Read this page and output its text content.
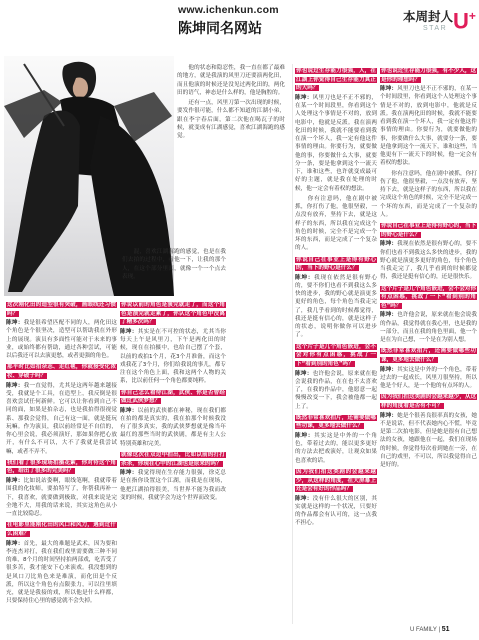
www.ichenkun.com
陈坤同名网站
本周封人
STAR U+

这次刚化田的造型很有突破，画眼线还习惯吗？

陈坤：我是很希望匹配不同的人，两化田这个角色是个很坚决，造型可以帮助我在外形上的展现。演员有多面性可能对于未来的事业，或始终都有帮助，通过各种尝试，可能以后我还可以去演更愁，或者更强的角色。

那平时比如拍杂志、走红毯，你就接受化浓妆、穿破子吗？

陈坤：我一直觉得，尤其是这两年越来越接受，我就是个工具，在造型上，我反倒是很喜欢尝试任何新鲜。它可以让你看到自己不同的面，如果是拍杂志，也是我拍得很视觉系、那我会觉得，自己有这一面，就是挺玩玩嘛。作为演员，我以前经常是不自信的，你心里会说，我必须演好，那如果你把心放开，有什么不可以，大不了我就是我尝试嘛，或者不弄不。

我们看了很多现场拍摄花絮，你对待这个角色，给出了很多的完美吗？

陈坤：比如说站姿啊，眼线笔啊，我就带着围我的化妆师，要拍特写了，你帮我再补一下，我喜欢，就要做到极致，对我来说是完全地不大，用我的话来说，其实这角色从小一直比较隐忍。

在电影里能刚化田的风口和风力，遇到过什么困难？

陈坤：首先，最大的难题是武术，因为要和李连杰对打，我在我们戏里需要做三种不同的难，8个月的时间坚持拍两部戏，吃苦受了很多苦，我才能安下心来演戏。我没想到的是风口刀比角色来是难演，而化田是个反派，所以这个角色有点限张力，可以往里填充，就是是我接的戏，所以他是什么样都，只要保持住心里的感觉就不会失掉。

　　他的状态和隐忍性，我一直在都了最难的地方，就是我演的风里刀还要演两化田，而且他演的时候还是没见过两化田的，两化田的语气，神态是什么样的，他是胸腔的。

　　还有一点，风里刀第一次出现的时候，要发作很可能，什么都不知道的江湖小弟，跟在李宇春后面，第二次他在喝瓦子的时候，就变成有江湖感觉，喜欢江湖海跑的感觉。

　　混，喜欢江湖海跑的感觉，也是在我们去拍的过程中，看他一下，让我的那个人，在这个部分里面，就像一个一个点去表现。

你说以前的角色是演完就走了，而这个角色是演完就走累了，你认这个角色中没离了精多次吗？

陈坤：其实是在不可控的状态，尤其当你每天上午是风里刀，下午是两化田的时候，现在在拍摄中，也给自己摆了个套，以前的戏拍1个月，花3个月准备，而这个戏我花了3个月，你们给我说的事儿，都专注在这个角色上面，我和这两个人物的关系，比以前任何一个角色都要纯粹。

你自己怎么看待江湖，武侠、你是否曾经做过武侠梦想？

陈坤：以前的武侠都在神秘，现在我们都在拍的都是真实的，我在拍那个时候我没有了很多真实，我的武侠梦想就是像当年最红的那些当时的武侠剧，都是有主人公特别英雄和完美。

就像这次在双边中拍出，比如以前的打打杀杀，你现在心中的江湖也是原来的吗？

陈坤：我觉得现在生存能力很强，徐克总是在指你设置这个江湖，而我是在现场，他把江湖拍得很美，当世界不能为我而改变的时候，我就学会为这个世界而改变。

你也说过生存能力很强，人，在江湖上你觉得自己生存能力真正的大吗？

陈坤：风里刀也是不正不邪的，在某一个时间段里，你看到这个人处理这个事情是不对的，放到电影中，他就是反派。我在演两化田的时候，我就不能要看到我在演一个坏人，我一定有他这件事情的理由。你要行为，就要做他的事，你要做什么大事，就要分一条，要是他拿到这个一流天下，谁和这些，也许就变成最可好的主题，就是我在处理的时候，他一定会有着权的想法。

　　你有注意吗，他在剧中被抓，你打伤了他，他很坚毅，一点没有放弃，坚持下去，就是这样子的东西，所以我在完成这个角色的时候，完全不是完成一个坏的东西，而是完成了一个复杂的人。

你说自己在事业上是得有野心的，当下的野心是什么？

陈坤：我现在依然是很有野心的，要不你们也看不到我这么多快的进步，我的野心就是演更多更好的角色，每个角色当我走完了，我几乎看到的时候都觉得，我还是挺有信心的，就是这样子的状态，说明你做你可以进步了。

这个片子是几个角色嵌进，会不会对你有点困惑，挑战了一下“看到别的角色”吗？

陈坤：也许他会说，原来就在他会说我的作品，在在也不太喜欢了，在我的作品中，他愿意一起慢慢改变一下，我会被他都一起上了。

既然非常喜欢拍片，还需要做哪些功课，更多地去做什么？

陈坤：其实这是中外的一个角色，带着过去的，能以更多更好的方法去把戏演好，让观众如果也喜欢的话。

因为我们拍这类剧的会越来越少，从这样的角度，在大屏幕上还是会有好的作品吗？

陈坤：没有什么很大的区别，其实就是这样的一个状况，只要好的作品都会有认可的，这一点我不担心。

你也说过生存能力很强，有不少人，这是你的理想吗？

陈坤：风里刀也是不正不邪的，在某一个时间段里，你看到这个人处理这个事情是不对的，放到电影中，他就是反派。我在演两化田的时候，我就不能要看到我在演一个坏人，我一定有他这件事情的理由。你要行为，就要做他的事，你要做什么大事，就要分一条，要是他拿到这个一流天下，谁和这些，当他更有下一流天下的时候，他一定会有着权的想法。

　　你有注意吗，他在剧中被抓，你打伤了他，他很坚毅，一点没有放弃，坚持下去，就是这样子的东西，所以我在完成这个角色的时候，完全不是完成一个坏的东西，而是完成了一个复杂的人。

你说自己在事业上是得有野心的，当下的野心是什么？

陈坤：我现在依然是很有野心的，要不你们也看不到我这么多快的进步，我的野心就是演更多更好的角色，每个角色当我走完了，我几乎看到的时候都觉得，我还是挺有信心的，还是很快乐。

这个片子是几个角色嵌进，会不会对你有点困惑，挑战了一下“看到别的角色”吗？

陈坤：也许他会说，原来就在他会说我的作品，我觉得就在我心里，也是我的一部分，而且在我的角色里面，他一个是在为自己想，一个是在为别人想。

既然非常喜欢拍片，还需要做哪些功课，更多地去做什么？

陈坤：其实这是中外的一个角色，带着过去的一起成长，风里刀很坚持，所以他是个好人，是一个他的有点坏的人。

因为我们拍这类剧的会越来越少，从这样的角度看是否有不可？

陈坤：她是个很善良很率真的女孩，她不是说话，但不代表她内心不慌，毕竟是第二次拍电影，但是她是很有自己想法的女孩，她跟他在一起，我们在现场的时候，你觉得每次看到她在一旁，在自己的戏里，不可以，所以我觉得自己是好的。

U FAMILY | 51
